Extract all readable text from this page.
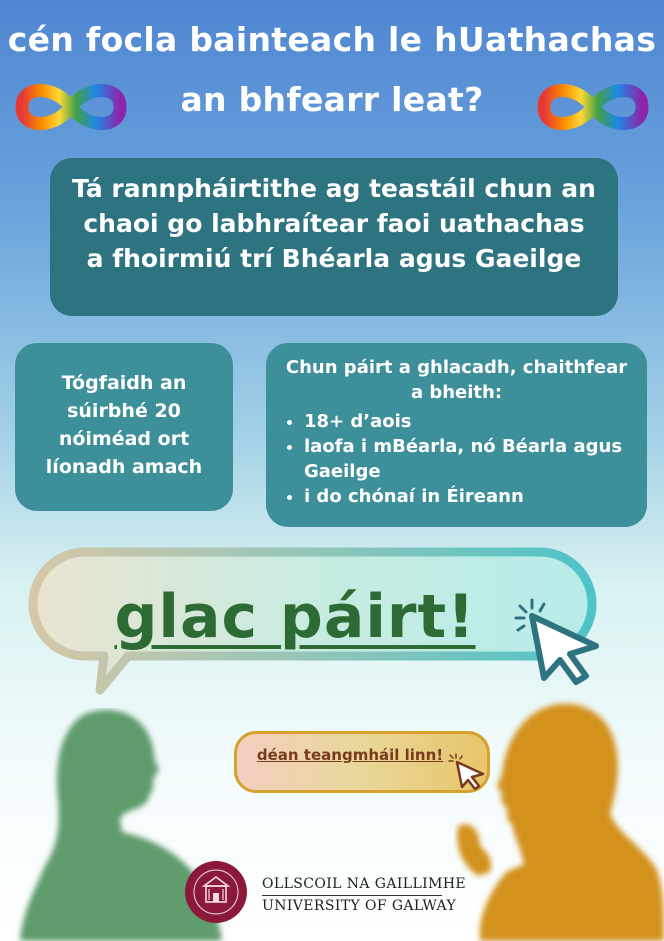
cén focla bainteach le hUathachas
an bhfearr leat?
Tá rannpháirtithe ag teastáil chun an
chaoi go labhraítear faoi uathachas
a fhoirmiú trí Bhéarla agus Gaeilge
Tógfaidh an
súirbhé 20
nóiméad ort
líonadh amach
Chun páirt a ghlacadh, chaithfear
a bheith:
• 18+ d’aois
• laofa i mBéarla, nó Béarla agus Gaeilge
• i do chónaí in Éireann
glac páirt!
déan teangmháil linn!
OLLSCOIL NA GAILLIMHE
UNIVERSITY OF GALWAY
